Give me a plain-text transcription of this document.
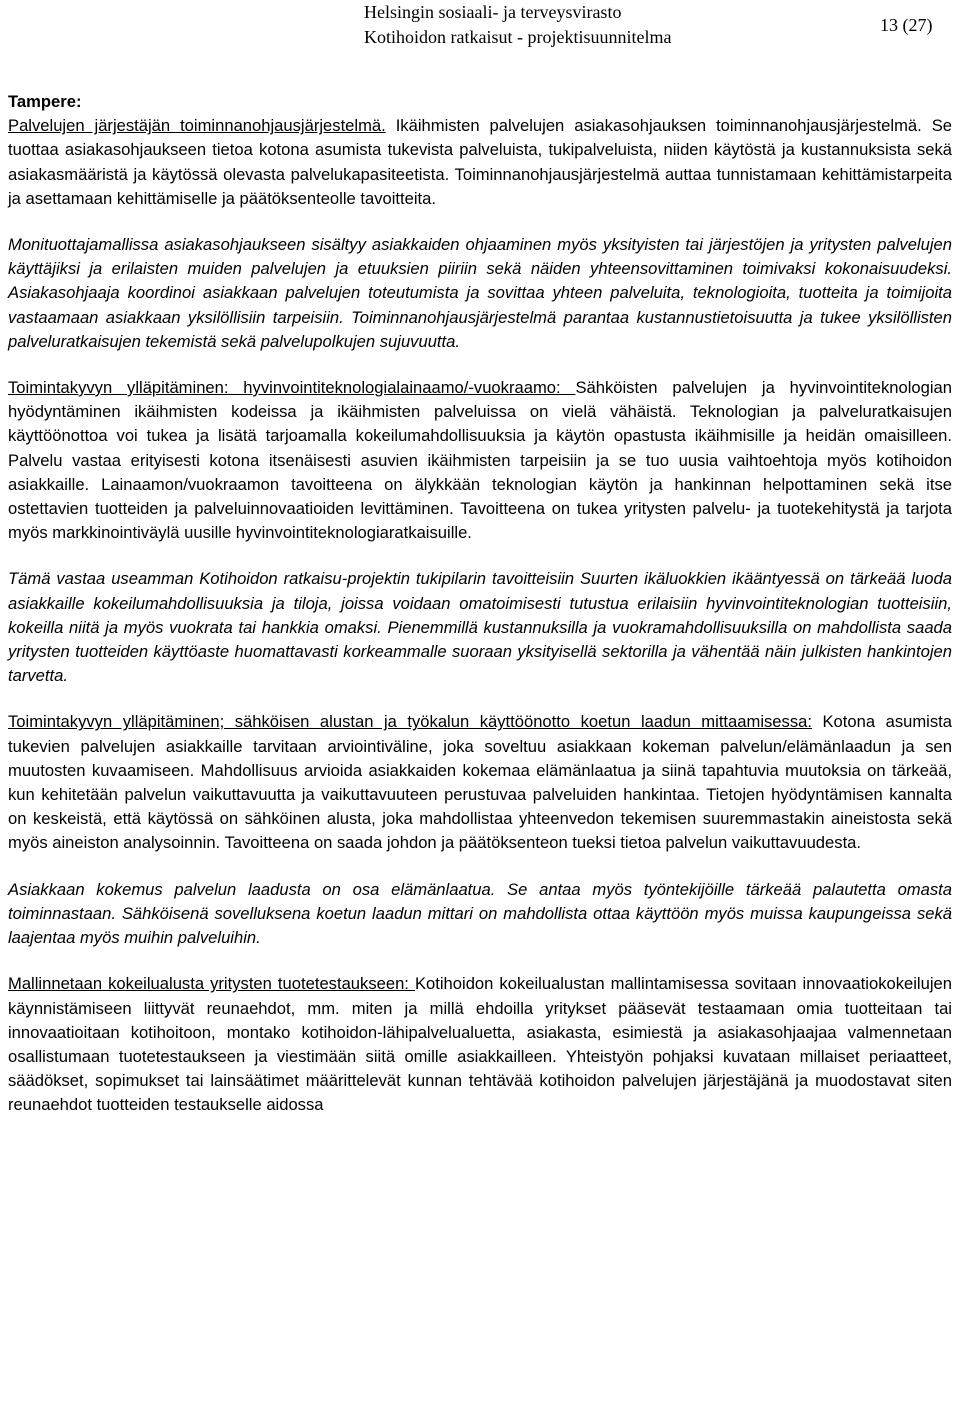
Helsingin sosiaali- ja terveysvirasto
Kotihoidon ratkaisut - projektisuunnitelma
13 (27)

Tampere:

Palvelujen järjestäjän toiminnanohjausjärjestelmä. Ikäihmisten palvelujen asiakasohjauksen toiminnanohjausjärjestelmä. Se tuottaa asiakasohjaukseen tietoa kotona asumista tukevista palveluista, tukipalveluista, niiden käytöstä ja kustannuksista sekä asiakasmääristä ja käytössä olevasta palvelukapasiteetista. Toiminnanohjausjärjestelmä auttaa tunnistamaan kehittämistarpeita ja asettamaan kehittämiselle ja päätöksenteolle tavoitteita.

Monituottajamallissa asiakasohjaukseen sisältyy asiakkaiden ohjaaminen myös yksityisten tai järjestöjen ja yritysten palvelujen käyttäjiksi ja erilaisten muiden palvelujen ja etuuksien piiriin sekä näiden yhteensovittaminen toimivaksi kokonaisuudeksi. Asiakasohjaaja koordinoi asiakkaan palvelujen toteutumista ja sovittaa yhteen palveluita, teknologioita, tuotteita ja toimijoita vastaamaan asiakkaan yksilöllisiin tarpeisiin. Toiminnanohjausjärjestelmä parantaa kustannustietoisuutta ja tukee yksilöllisten palveluratkaisujen tekemistä sekä palvelupolkujen sujuvuutta.

Toimintakyvyn ylläpitäminen: hyvinvointiteknologialainaamo/-vuokraamo: Sähköisten palvelujen ja hyvinvointiteknologian hyödyntäminen ikäihmisten kodeissa ja ikäihmisten palveluissa on vielä vähäistä. Teknologian ja palveluratkaisujen käyttöönottoa voi tukea ja lisätä tarjoamalla kokeilumahdollisuuksia ja käytön opastusta ikäihmisille ja heidän omaisilleen. Palvelu vastaa erityisesti kotona itsenäisesti asuvien ikäihmisten tarpeisiin ja se tuo uusia vaihtoehtoja myös kotihoidon asiakkaille. Lainaamon/vuokraamon tavoitteena on älykkään teknologian käytön ja hankinnan helpottaminen sekä itse ostettavien tuotteiden ja palveluinnovaatioiden levittäminen. Tavoitteena on tukea yritysten palvelu- ja tuotekehitystä ja tarjota myös markkinointiväylä uusille hyvinvointiteknologiaratkaisuille.

Tämä vastaa useamman Kotihoidon ratkaisu-projektin tukipilarin tavoitteisiin Suurten ikäluokkien ikääntyessä on tärkeää luoda asiakkaille kokeilumahdollisuuksia ja tiloja, joissa voidaan omatoimisesti tutustua erilaisiin hyvinvointiteknologian tuotteisiin, kokeilla niitä ja myös vuokrata tai hankkia omaksi. Pienemmillä kustannuksilla ja vuokramahdollisuuksilla on mahdollista saada yritysten tuotteiden käyttöaste huomattavasti korkeammalle suoraan yksityisellä sektorilla ja vähentää näin julkisten hankintojen tarvetta.

Toimintakyvyn ylläpitäminen; sähköisen alustan ja työkalun käyttöönotto koetun laadun mittaamisessa: Kotona asumista tukevien palvelujen asiakkaille tarvitaan arviointiväline, joka soveltuu asiakkaan kokeman palvelun/elämänlaadun ja sen muutosten kuvaamiseen. Mahdollisuus arvioida asiakkaiden kokemaa elämänlaatua ja siinä tapahtuvia muutoksia on tärkeää, kun kehitetään palvelun vaikuttavuutta ja vaikuttavuuteen perustuvaa palveluiden hankintaa. Tietojen hyödyntämisen kannalta on keskeistä, että käytössä on sähköinen alusta, joka mahdollistaa yhteenvedon tekemisen suuremmastakin aineistosta sekä myös aineiston analysoinnin. Tavoitteena on saada johdon ja päätöksenteon tueksi tietoa palvelun vaikuttavuudesta.

Asiakkaan kokemus palvelun laadusta on osa elämänlaatua. Se antaa myös työntekijöille tärkeää palautetta omasta toiminnastaan. Sähköisenä sovelluksena koetun laadun mittari on mahdollista ottaa käyttöön myös muissa kaupungeissa sekä laajentaa myös muihin palveluihin.

Mallinnetaan kokeilualusta yritysten tuotetestaukseen: Kotihoidon kokeilualustan mallintamisessa sovitaan innovaatiokokeilujen käynnistämiseen liittyvät reunaehdot, mm. miten ja millä ehdoilla yritykset pääsevät testaamaan omia tuotteitaan tai innovaatioitaan kotihoitoon, montako kotihoidon-lähipalvelualuetta, asiakasta, esimiestä ja asiakasohjaajaa valmennetaan osallistumaan tuotetestaukseen ja viestimään siitä omille asiakkailleen. Yhteistyön pohjaksi kuvataan millaiset periaatteet, säädökset, sopimukset tai lainsäätimet määrittelevät kunnan tehtävää kotihoidon palvelujen järjestäjänä ja muodostavat siten reunaehdot tuotteiden testaukselle aidossa
